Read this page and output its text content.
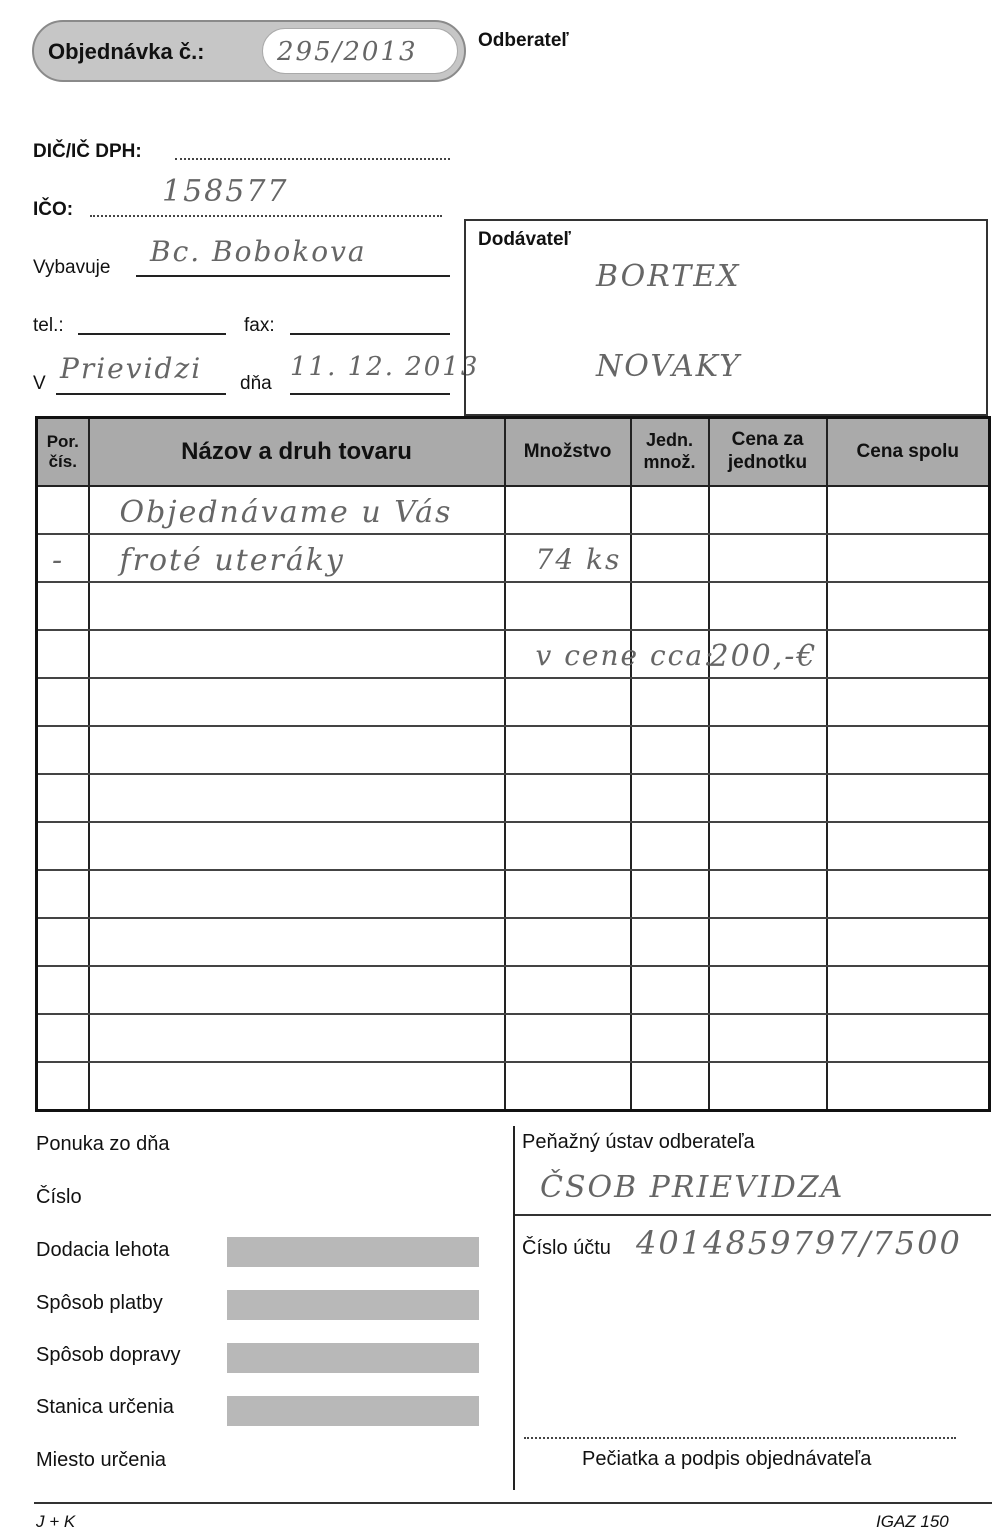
Objednávka č.:	295/2013	Odberateľ
DIČ/IČ DPH:
IČO:
158577
Vybavuje Bc. Bobokova
tel.:	fax:
V Prievidzi dňa
11. 12. 2013
Dodávateľ
BORTEX
NOVAKY
Por. čís.	Názov a druh tovaru	Množstvo	Jedn. množ.	Cena za jednotku	Cena spolu

	Objednávame u Vás				

-	froté uteráky	74 ks			

		v cene cca:		200,-€	

Ponuka zo dňa
Číslo
Dodacia lehota
Spôsob platby
Spôsob dopravy
Stanica určenia
Miesto určenia
Peňažný ústav odberateľa
ČSOB PRIEVIDZA
Číslo účtu 4014859797/7500
Pečiatka a podpis objednávateľa
J + K	IGAZ 150
